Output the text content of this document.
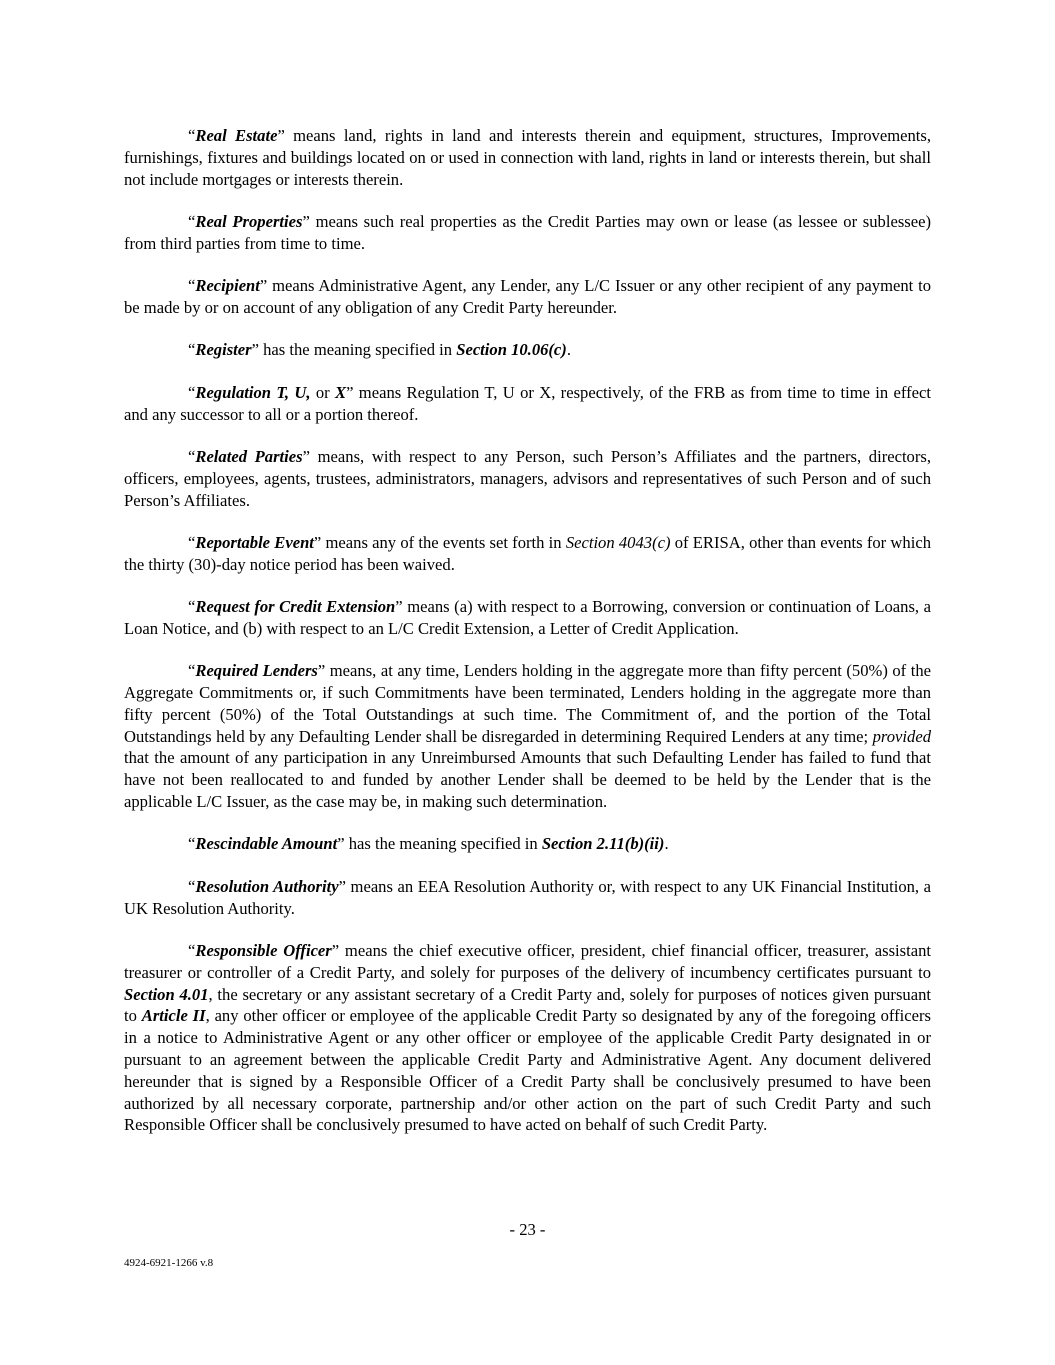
“Real Estate” means land, rights in land and interests therein and equipment, structures, Improvements, furnishings, fixtures and buildings located on or used in connection with land, rights in land or interests therein, but shall not include mortgages or interests therein.

“Real Properties” means such real properties as the Credit Parties may own or lease (as lessee or sublessee) from third parties from time to time.

“Recipient” means Administrative Agent, any Lender, any L/C Issuer or any other recipient of any payment to be made by or on account of any obligation of any Credit Party hereunder.

“Register” has the meaning specified in Section 10.06(c).

“Regulation T, U, or X” means Regulation T, U or X, respectively, of the FRB as from time to time in effect and any successor to all or a portion thereof.

“Related Parties” means, with respect to any Person, such Person’s Affiliates and the partners, directors, officers, employees, agents, trustees, administrators, managers, advisors and representatives of such Person and of such Person’s Affiliates.

“Reportable Event” means any of the events set forth in Section 4043(c) of ERISA, other than events for which the thirty (30)-day notice period has been waived.

“Request for Credit Extension” means (a) with respect to a Borrowing, conversion or continuation of Loans, a Loan Notice, and (b) with respect to an L/C Credit Extension, a Letter of Credit Application.

“Required Lenders” means, at any time, Lenders holding in the aggregate more than fifty percent (50%) of the Aggregate Commitments or, if such Commitments have been terminated, Lenders holding in the aggregate more than fifty percent (50%) of the Total Outstandings at such time. The Commitment of, and the portion of the Total Outstandings held by any Defaulting Lender shall be disregarded in determining Required Lenders at any time; provided that the amount of any participation in any Unreimbursed Amounts that such Defaulting Lender has failed to fund that have not been reallocated to and funded by another Lender shall be deemed to be held by the Lender that is the applicable L/C Issuer, as the case may be, in making such determination.

“Rescindable Amount” has the meaning specified in Section 2.11(b)(ii).

“Resolution Authority” means an EEA Resolution Authority or, with respect to any UK Financial Institution, a UK Resolution Authority.

“Responsible Officer” means the chief executive officer, president, chief financial officer, treasurer, assistant treasurer or controller of a Credit Party, and solely for purposes of the delivery of incumbency certificates pursuant to Section 4.01, the secretary or any assistant secretary of a Credit Party and, solely for purposes of notices given pursuant to Article II, any other officer or employee of the applicable Credit Party so designated by any of the foregoing officers in a notice to Administrative Agent or any other officer or employee of the applicable Credit Party designated in or pursuant to an agreement between the applicable Credit Party and Administrative Agent. Any document delivered hereunder that is signed by a Responsible Officer of a Credit Party shall be conclusively presumed to have been authorized by all necessary corporate, partnership and/or other action on the part of such Credit Party and such Responsible Officer shall be conclusively presumed to have acted on behalf of such Credit Party.

- 23 -
4924-6921-1266 v.8
